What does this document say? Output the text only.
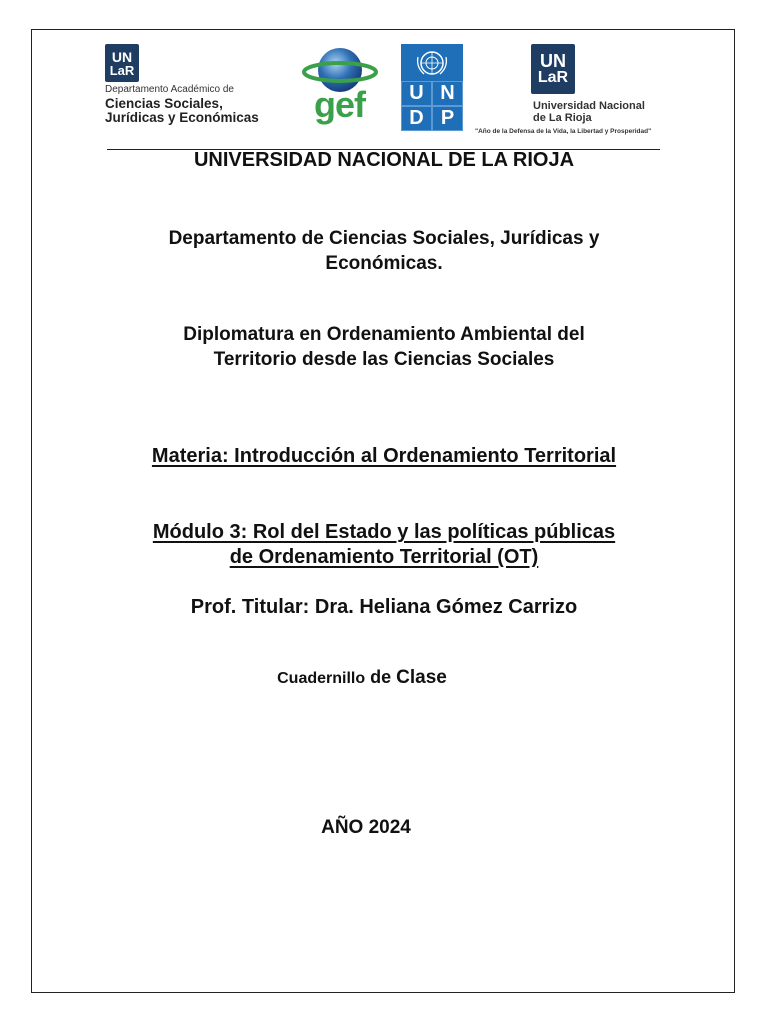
UN
LaR
Departamento Académico de
Ciencias Sociales,
Jurídicas y Económicas gef	U N
D P
UN
LaR
Universidad Nacional
de La Rioja
"Año de la Defensa de la Vida, la Libertad y Prosperidad"
UNIVERSIDAD NACIONAL DE LA RIOJA
Departamento de Ciencias Sociales, Jurídicas y
Económicas.
Diplomatura en Ordenamiento Ambiental del
Territorio desde las Ciencias Sociales
Materia: Introducción al Ordenamiento Territorial
Módulo 3: Rol del Estado y las políticas públicas
de Ordenamiento Territorial (OT)
Prof. Titular: Dra. Heliana Gómez Carrizo
Cuadernillo de Clase
AÑO 2024
